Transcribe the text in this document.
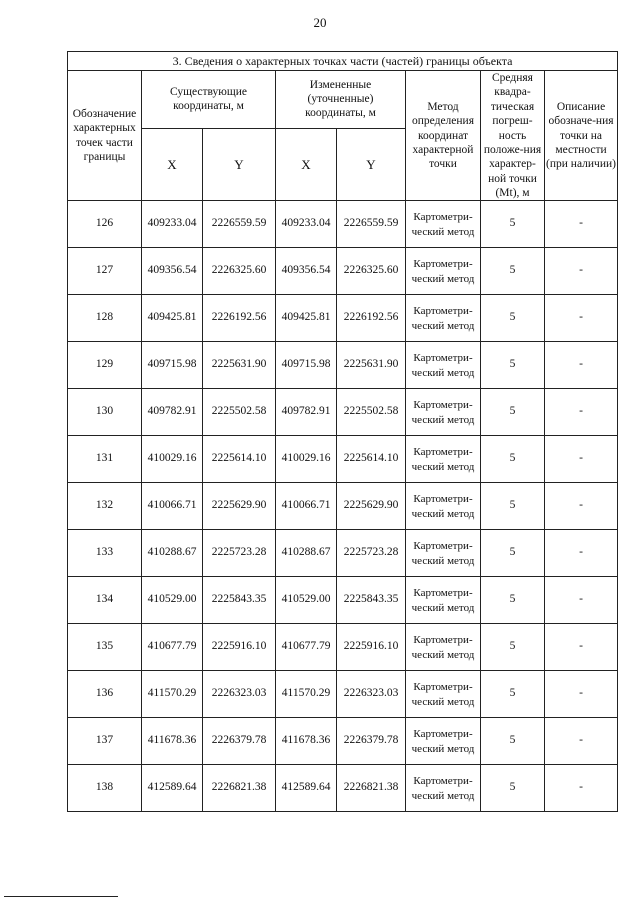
20
3. Сведения о характерных точках части (частей) границы объекта							
Обозначение характерных точек части границы	Существующие координаты, м		Измененные (уточненные) координаты, м		Метод определения координат характерной точки	Средняя квадра-тическая погреш-ность положе-ния характер-ной точки (Mt), м	Описание обозначе-ния точки на местности (при наличии)
	X	Y	X	Y			
126	409233.04	2226559.59	409233.04	2226559.59	Картометри-ческий метод	5	-
127	409356.54	2226325.60	409356.54	2226325.60	Картометри-ческий метод	5	-
128	409425.81	2226192.56	409425.81	2226192.56	Картометри-ческий метод	5	-
129	409715.98	2225631.90	409715.98	2225631.90	Картометри-ческий метод	5	-
130	409782.91	2225502.58	409782.91	2225502.58	Картометри-ческий метод	5	-
131	410029.16	2225614.10	410029.16	2225614.10	Картометри-ческий метод	5	-
132	410066.71	2225629.90	410066.71	2225629.90	Картометри-ческий метод	5	-
133	410288.67	2225723.28	410288.67	2225723.28	Картометри-ческий метод	5	-
134	410529.00	2225843.35	410529.00	2225843.35	Картометри-ческий метод	5	-
135	410677.79	2225916.10	410677.79	2225916.10	Картометри-ческий метод	5	-
136	411570.29	2226323.03	411570.29	2226323.03	Картометри-ческий метод	5	-
137	411678.36	2226379.78	411678.36	2226379.78	Картометри-ческий метод	5	-
138	412589.64	2226821.38	412589.64	2226821.38	Картометри-ческий метод	5	-
